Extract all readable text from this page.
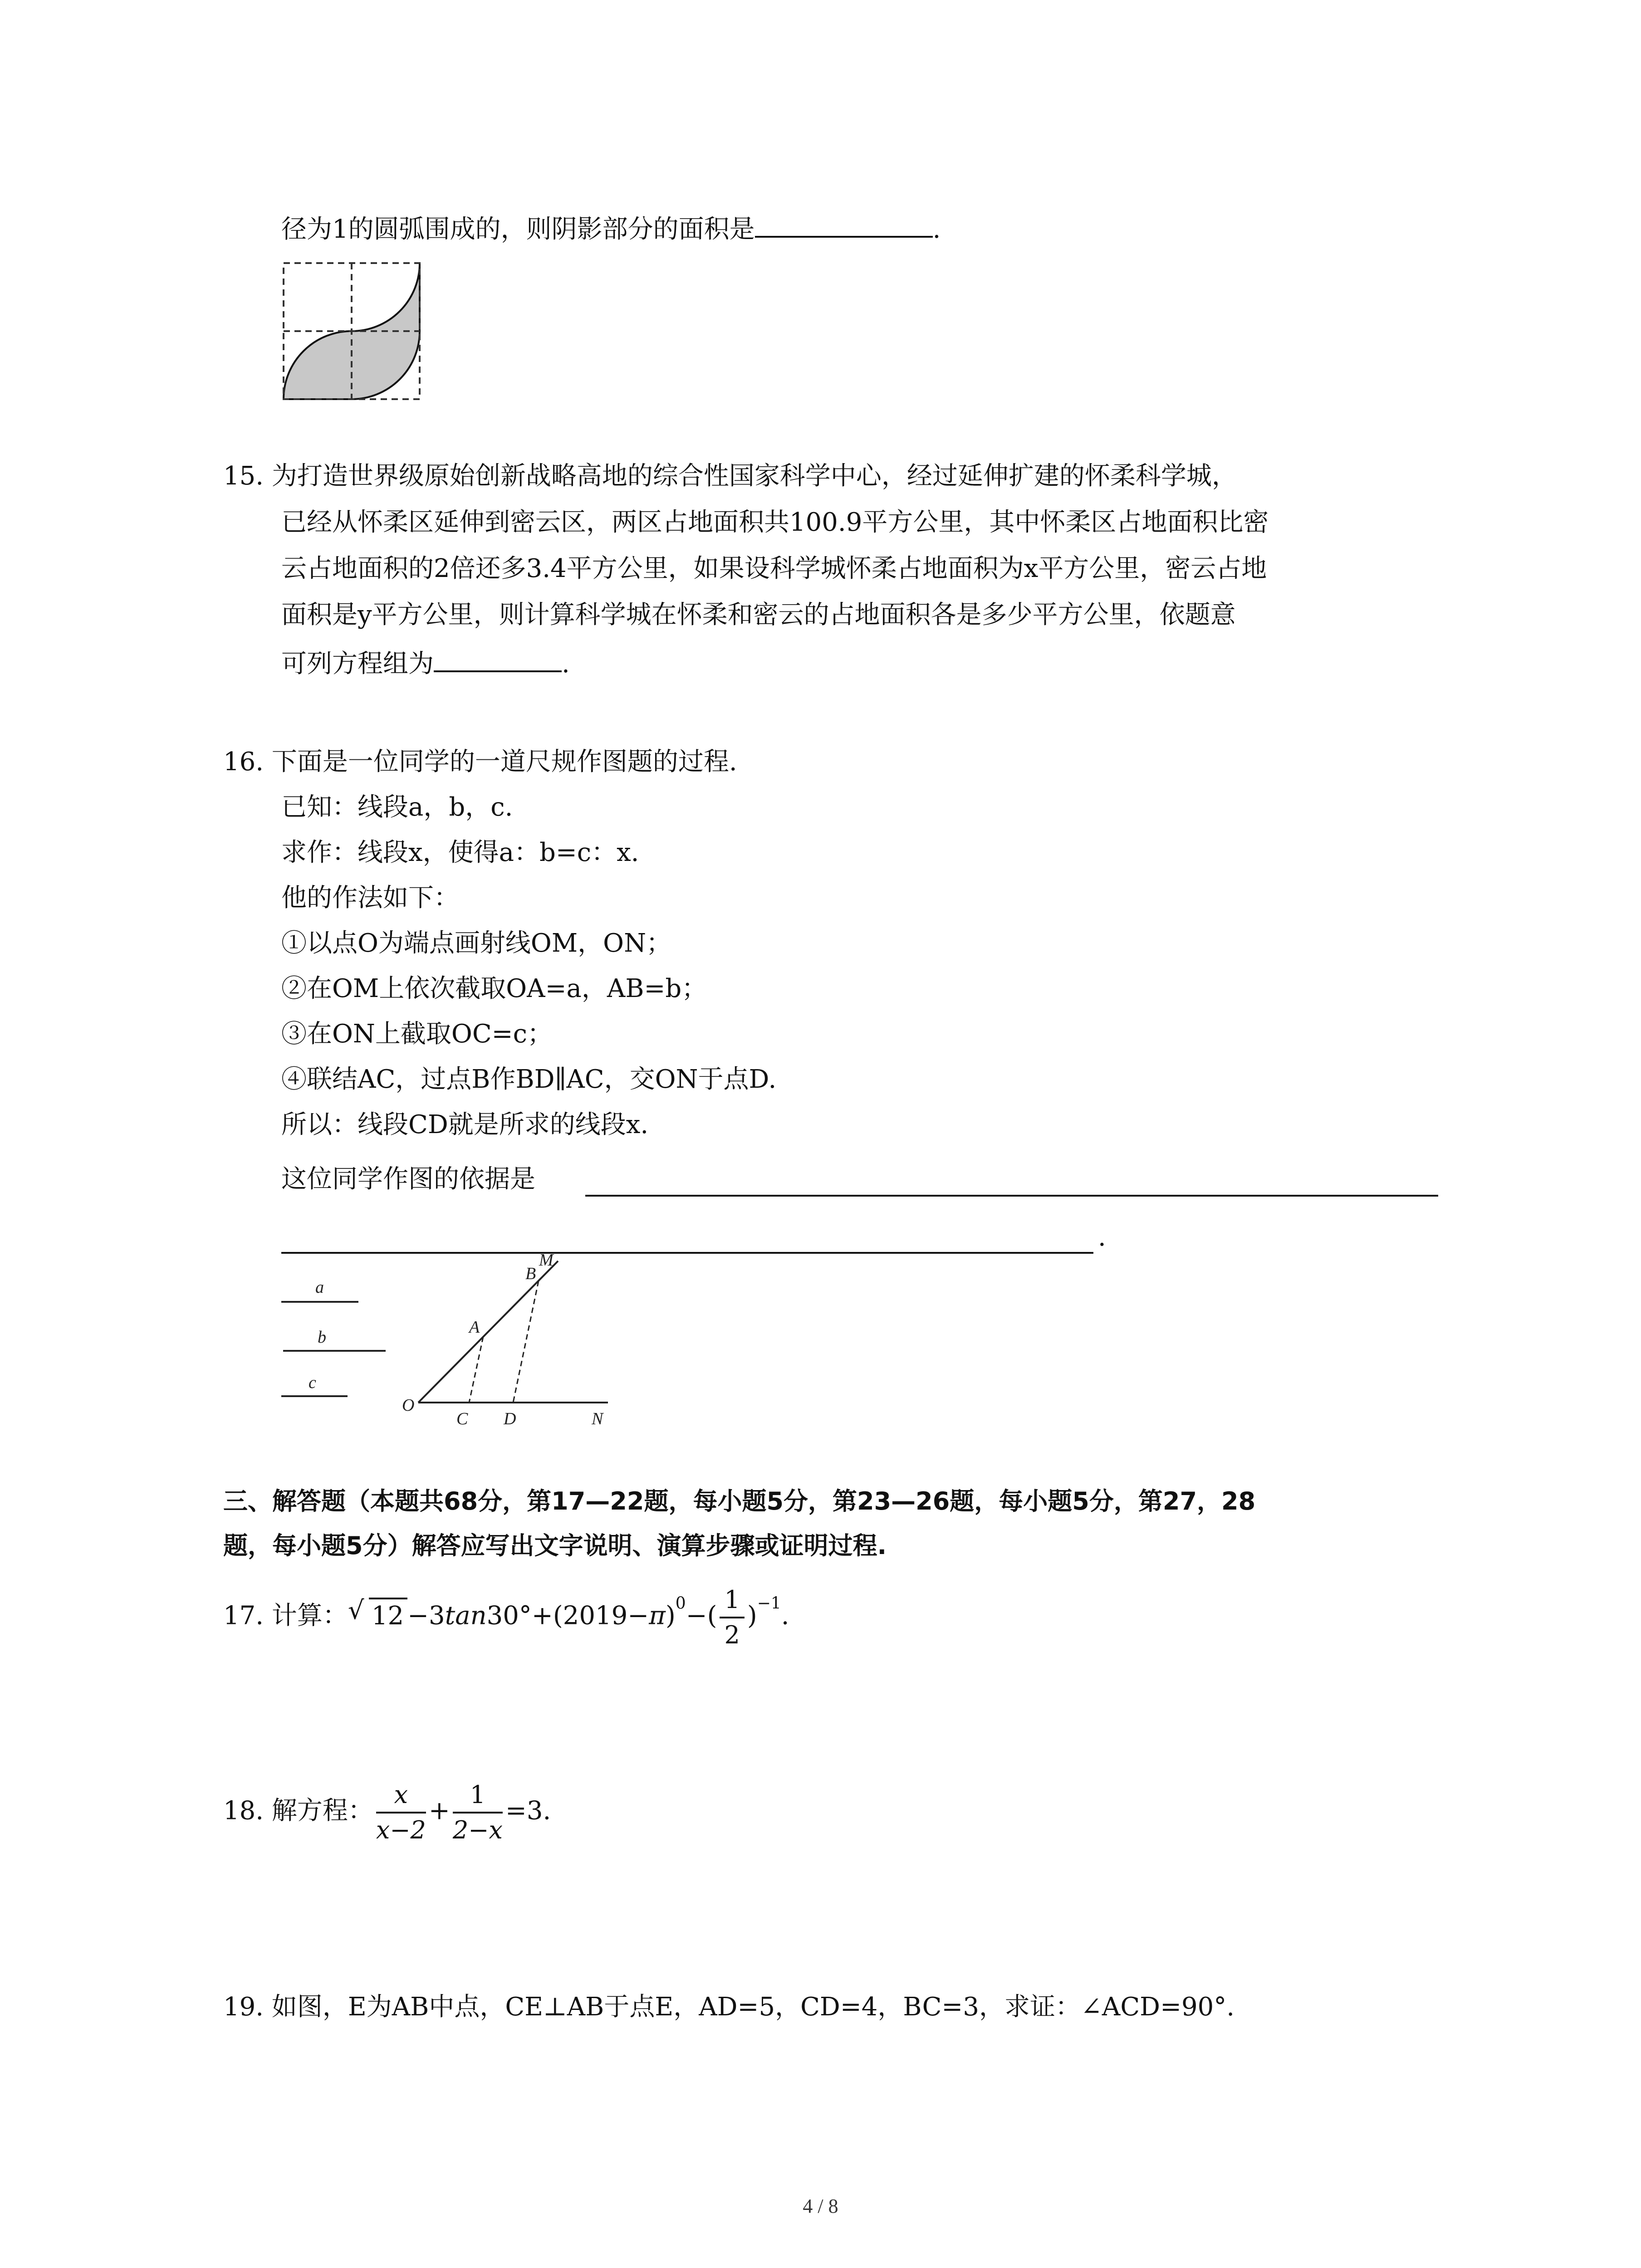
径为1的圆弧围成的，则阴影部分的面积是	.
15. 为打造世界级原始创新战略高地的综合性国家科学中心，经过延伸扩建的怀柔科学城，
已经从怀柔区延伸到密云区，两区占地面积共100.9平方公里，其中怀柔区占地面积比密
云占地面积的2倍还多3.4平方公里，如果设科学城怀柔占地面积为x平方公里，密云占地
面积是y平方公里，则计算科学城在怀柔和密云的占地面积各是多少平方公里，依题意
可列方程组为	.
16. 下面是一位同学的一道尺规作图题的过程.
已知：线段a，b，c.
求作：线段x，使得a：b=c：x.
他的作法如下：
①以点O为端点画射线OM，ON；
②在OM上依次截取OA=a，AB=b；
③在ON上截取OC=c；
④联结AC，过点B作BD∥AC，交ON于点D.
所以：线段CD就是所求的线段x.
这位同学作图的依据是
.
a
b
c
O
A
B
M
C D	N
三、解答题（本题共68分，第17—22题，每小题5分，第23—26题，每小题5分，第27，28
题，每小题5分）解答应写出文字说明、演算步骤或证明过程.
17. 计算： √ $12 -3\tan 30^\circ+(2019-\pi)^0-( \frac{1}{2} )^{-1}$.
18. 解方程： $\frac{x}{x-2} + \frac{1}{2-x} =3$.
19. 如图，E为AB中点，CE⊥AB于点E，AD=5，CD=4，BC=3，求证：∠ACD=90°.
4 / 8
